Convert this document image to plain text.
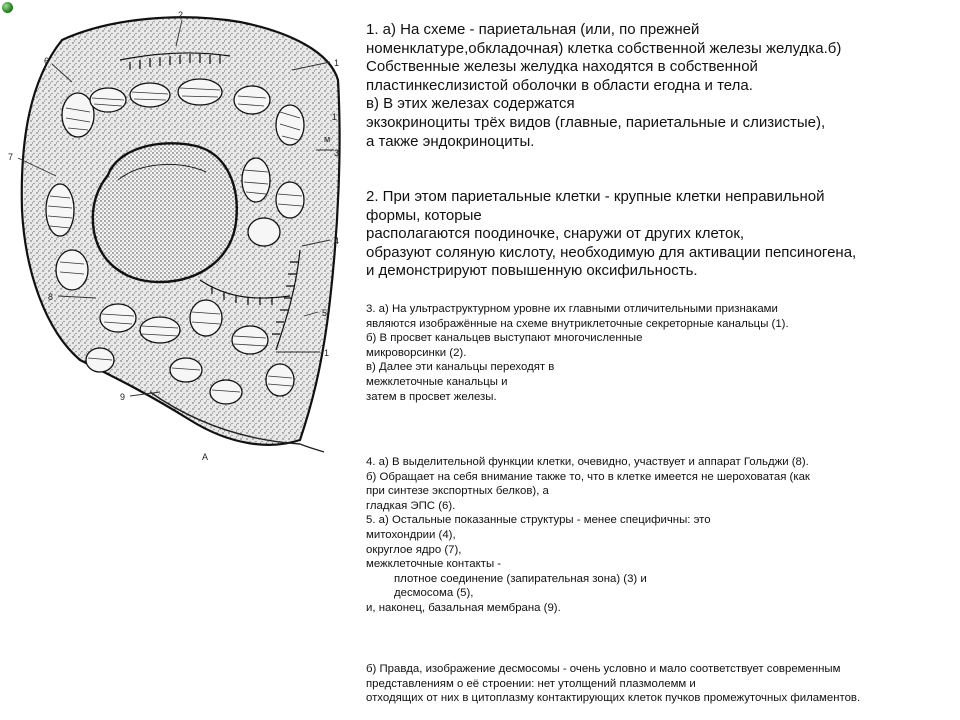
2
1
6
1
7	3
4
8
5
1
9
А
м
1. а) На схеме - париетальная (или, по прежней
номенклатуре,обкладочная) клетка собственной железы желудка.б)
Собственные железы желудка находятся в собственной
пластинкеслизистой оболочки в области егодна и тела.
в) В этих железах содержатся
экзокриноциты трёх видов (главные, париетальные и слизистые),
а также эндокриноциты.
2. При этом париетальные клетки - крупные клетки неправильной
формы, которые
располагаются поодиночке, снаружи от других клеток,
образуют соляную кислоту, необходимую для активации пепсиногена,
и демонстрируют повышенную оксифильность.
3. а) На ультраструктурном уровне их главными отличительными признаками
являются изображённые на схеме внутриклеточные секреторные канальцы (1).
б) В просвет канальцев выступают многочисленные
микроворсинки (2).
в) Далее эти канальцы переходят в
межклеточные канальцы и
затем в просвет железы.
4. а) В выделительной функции клетки, очевидно, участвует и аппарат Гольджи (8).
б) Обращает на себя внимание также то, что в клетке имеется не шероховатая (как
при синтезе экспортных белков), а
гладкая ЭПС (6).
5. а) Остальные показанные структуры - менее специфичны: это
митохондрии (4),
округлое ядро (7),
межклеточные контакты -
плотное соединение (запирательная зона) (3) и
десмосома (5),
и, наконец, базальная мембрана (9).
б) Правда, изображение десмосомы - очень условно и мало соответствует современным
представлениям о её строении: нет утолщений плазмолемм и
отходящих от них в цитоплазму контактирующих клеток пучков промежуточных филаментов.
